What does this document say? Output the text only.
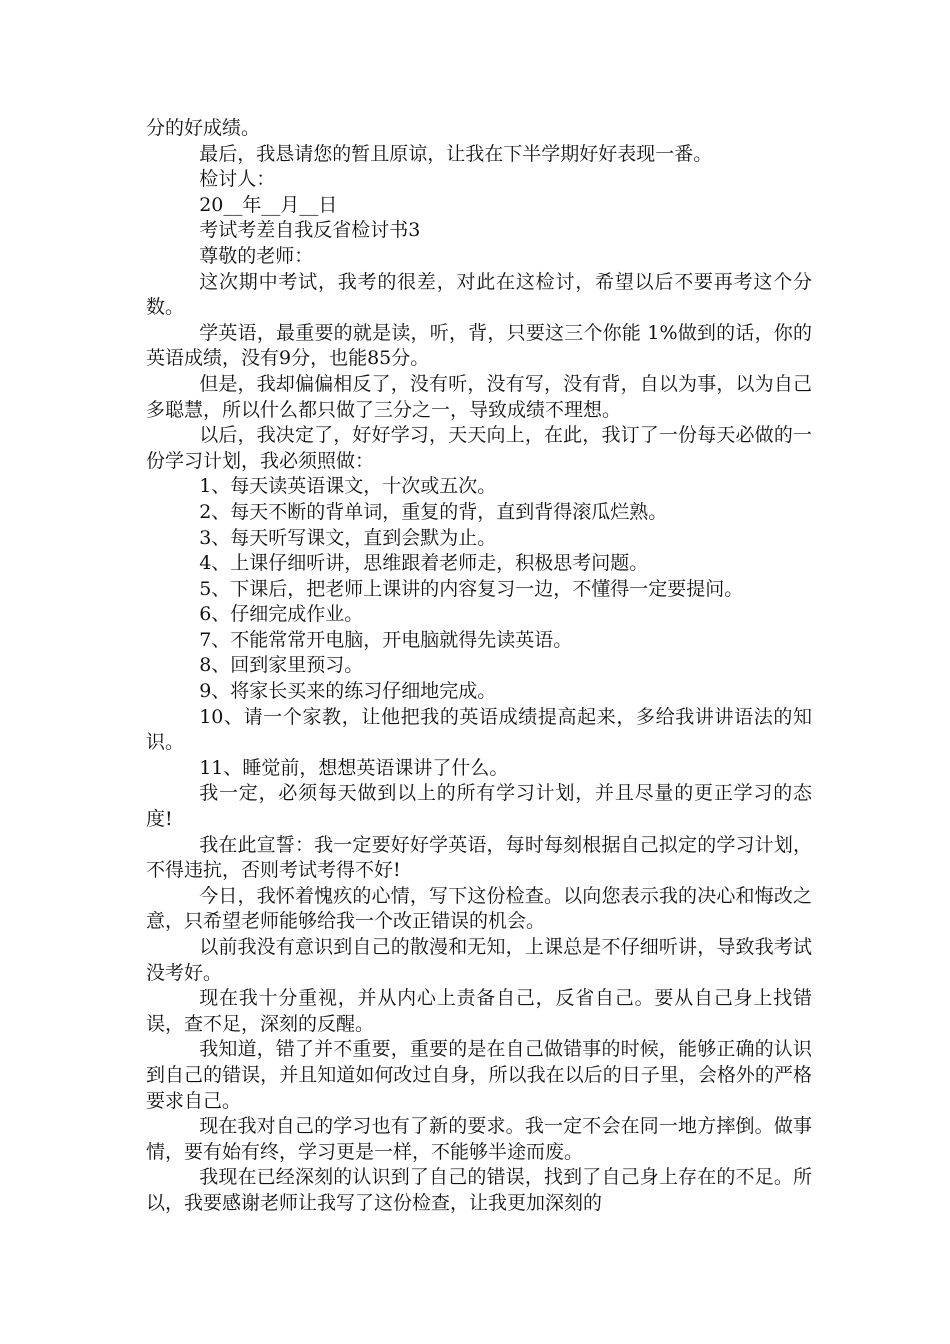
分的好成绩。

最后，我恳请您的暂且原谅，让我在下半学期好好表现一番。

检讨人：

20__年__月__日

考试考差自我反省检讨书3

尊敬的老师：

这次期中考试，我考的很差，对此在这检讨，希望以后不要再考这个分数。

学英语，最重要的就是读，听，背，只要这三个你能 1%做到的话，你的英语成绩，没有9分，也能85分。

但是，我却偏偏相反了，没有听，没有写，没有背，自以为事，以为自己多聪慧，所以什么都只做了三分之一，导致成绩不理想。

以后，我决定了，好好学习，天天向上，在此，我订了一份每天必做的一份学习计划，我必须照做：

1、每天读英语课文，十次或五次。

2、每天不断的背单词，重复的背，直到背得滚瓜烂熟。

3、每天听写课文，直到会默为止。

4、上课仔细听讲，思维跟着老师走，积极思考问题。

5、下课后，把老师上课讲的内容复习一边，不懂得一定要提问。

6、仔细完成作业。

7、不能常常开电脑，开电脑就得先读英语。

8、回到家里预习。

9、将家长买来的练习仔细地完成。

10、请一个家教，让他把我的英语成绩提高起来，多给我讲讲语法的知识。

11、睡觉前，想想英语课讲了什么。

我一定，必须每天做到以上的所有学习计划，并且尽量的更正学习的态度!

我在此宣誓：我一定要好好学英语，每时每刻根据自己拟定的学习计划，不得违抗，否则考试考得不好!

今日，我怀着愧疚的心情，写下这份检查。以向您表示我的决心和悔改之意，只希望老师能够给我一个改正错误的机会。

以前我没有意识到自己的散漫和无知，上课总是不仔细听讲，导致我考试没考好。

现在我十分重视，并从内心上责备自己，反省自己。要从自己身上找错误，查不足，深刻的反醒。

我知道，错了并不重要，重要的是在自己做错事的时候，能够正确的认识到自己的错误，并且知道如何改过自身，所以我在以后的日子里，会格外的严格要求自己。

现在我对自己的学习也有了新的要求。我一定不会在同一地方摔倒。做事情，要有始有终，学习更是一样，不能够半途而废。

我现在已经深刻的认识到了自己的错误，找到了自己身上存在的不足。所以，我要感谢老师让我写了这份检查，让我更加深刻的
